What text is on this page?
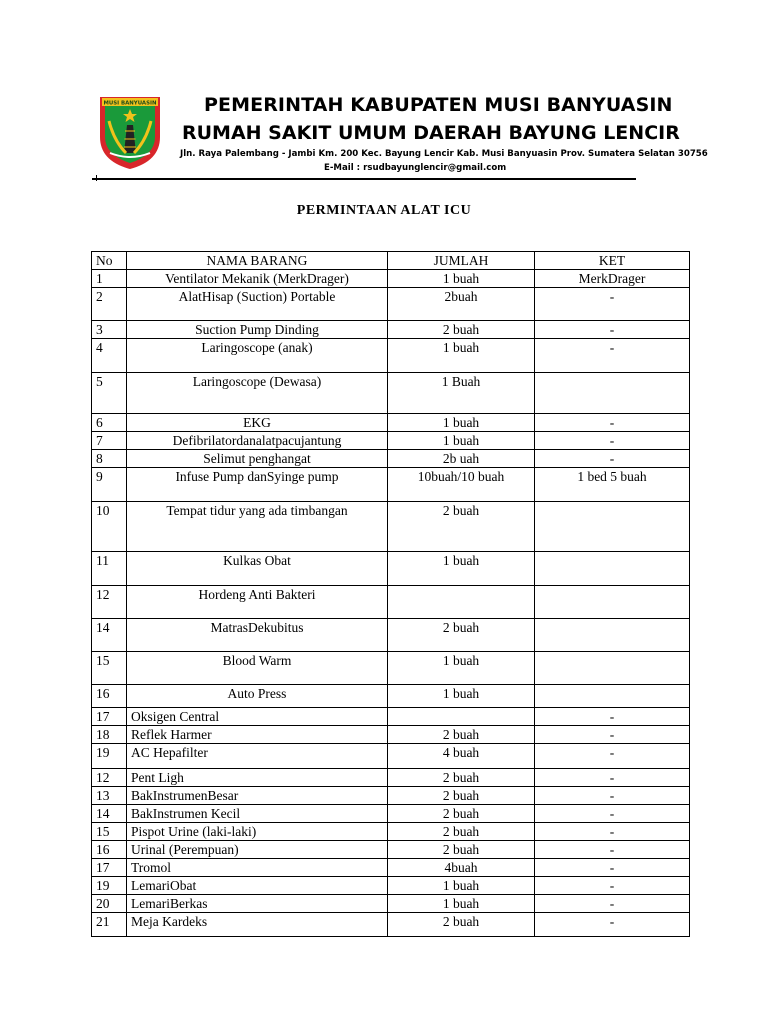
MUSI BANYUASIN	PEMERINTAH KABUPATEN MUSI BANYUASIN
RUMAH SAKIT UMUM DAERAH BAYUNG LENCIR
Jln. Raya Palembang - Jambi Km. 200 Kec. Bayung Lencir Kab. Musi Banyuasin Prov. Sumatera Selatan 30756
E-Mail : rsudbayunglencir@gmail.com
PERMINTAAN ALAT ICU
No	NAMA BARANG	JUMLAH	KET
1	Ventilator Mekanik (MerkDrager)	1 buah	MerkDrager
2	AlatHisap (Suction) Portable	2buah	-
3	Suction Pump Dinding	2 buah	-
4	Laringoscope (anak)	1 buah	-
5	Laringoscope (Dewasa)	1 Buah	
6	EKG	1 buah	-
7	Defibrilatordanalatpacujantung	1 buah	-
8	Selimut penghangat	2b uah	-
9	Infuse Pump danSyinge pump	10buah/10 buah	1 bed 5 buah
10	Tempat tidur yang ada timbangan	2 buah	
11	Kulkas Obat	1 buah	
12	Hordeng Anti Bakteri		
14	MatrasDekubitus	2 buah	
15	Blood Warm	1 buah	
16	Auto Press	1 buah	
17	Oksigen Central		-
18	Reflek Harmer	2 buah	-
19	AC Hepafilter	4 buah	-
12	Pent Ligh	2 buah	-
13	BakInstrumenBesar	2 buah	-
14	BakInstrumen Kecil	2 buah	-
15	Pispot Urine (laki-laki)	2 buah	-
16	Urinal (Perempuan)	2 buah	-
17	Tromol	4buah	-
19	LemariObat	1 buah	-
20	LemariBerkas	1 buah	-
21	Meja Kardeks	2 buah	-
